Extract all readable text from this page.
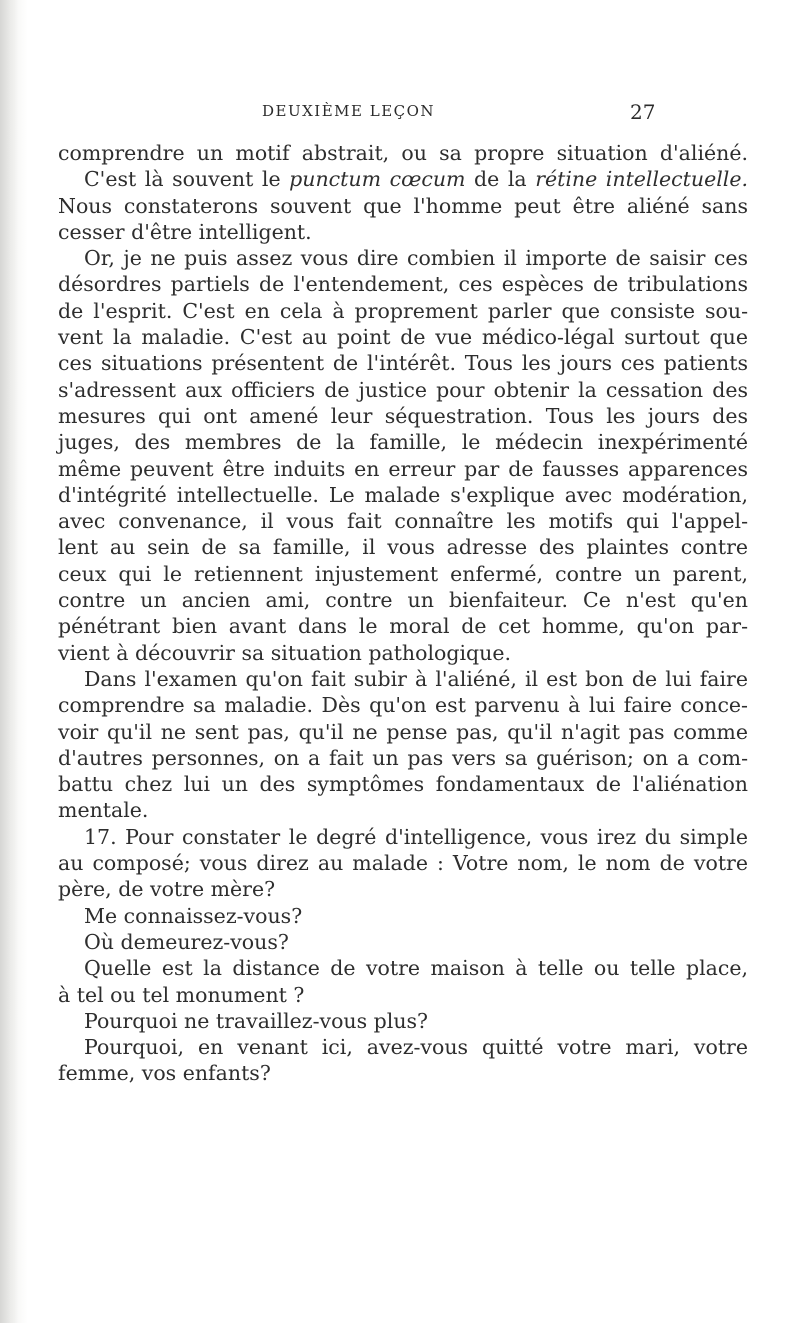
DEUXIÈME LEÇON	27
comprendre un motif abstrait, ou sa propre situation d'aliéné.
C'est là souvent le punctum cœcum de la rétine intellectuelle.
Nous constaterons souvent que l'homme peut être aliéné sans
cesser d'être intelligent.
Or, je ne puis assez vous dire combien il importe de saisir ces
désordres partiels de l'entendement, ces espèces de tribulations
de l'esprit. C'est en cela à proprement parler que consiste sou-
vent la maladie. C'est au point de vue médico-légal surtout que
ces situations présentent de l'intérêt. Tous les jours ces patients
s'adressent aux officiers de justice pour obtenir la cessation des
mesures qui ont amené leur séquestration. Tous les jours des
juges, des membres de la famille, le médecin inexpérimenté
même peuvent être induits en erreur par de fausses apparences
d'intégrité intellectuelle. Le malade s'explique avec modération,
avec convenance, il vous fait connaître les motifs qui l'appel-
lent au sein de sa famille, il vous adresse des plaintes contre
ceux qui le retiennent injustement enfermé, contre un parent,
contre un ancien ami, contre un bienfaiteur. Ce n'est qu'en
pénétrant bien avant dans le moral de cet homme, qu'on par-
vient à découvrir sa situation pathologique.
Dans l'examen qu'on fait subir à l'aliéné, il est bon de lui faire
comprendre sa maladie. Dès qu'on est parvenu à lui faire conce-
voir qu'il ne sent pas, qu'il ne pense pas, qu'il n'agit pas comme
d'autres personnes, on a fait un pas vers sa guérison; on a com-
battu chez lui un des symptômes fondamentaux de l'aliénation
mentale.
17. Pour constater le degré d'intelligence, vous irez du simple
au composé; vous direz au malade : Votre nom, le nom de votre
père, de votre mère?
Me connaissez-vous?
Où demeurez-vous?
Quelle est la distance de votre maison à telle ou telle place,
à tel ou tel monument ?
Pourquoi ne travaillez-vous plus?
Pourquoi, en venant ici, avez-vous quitté votre mari, votre
femme, vos enfants?
